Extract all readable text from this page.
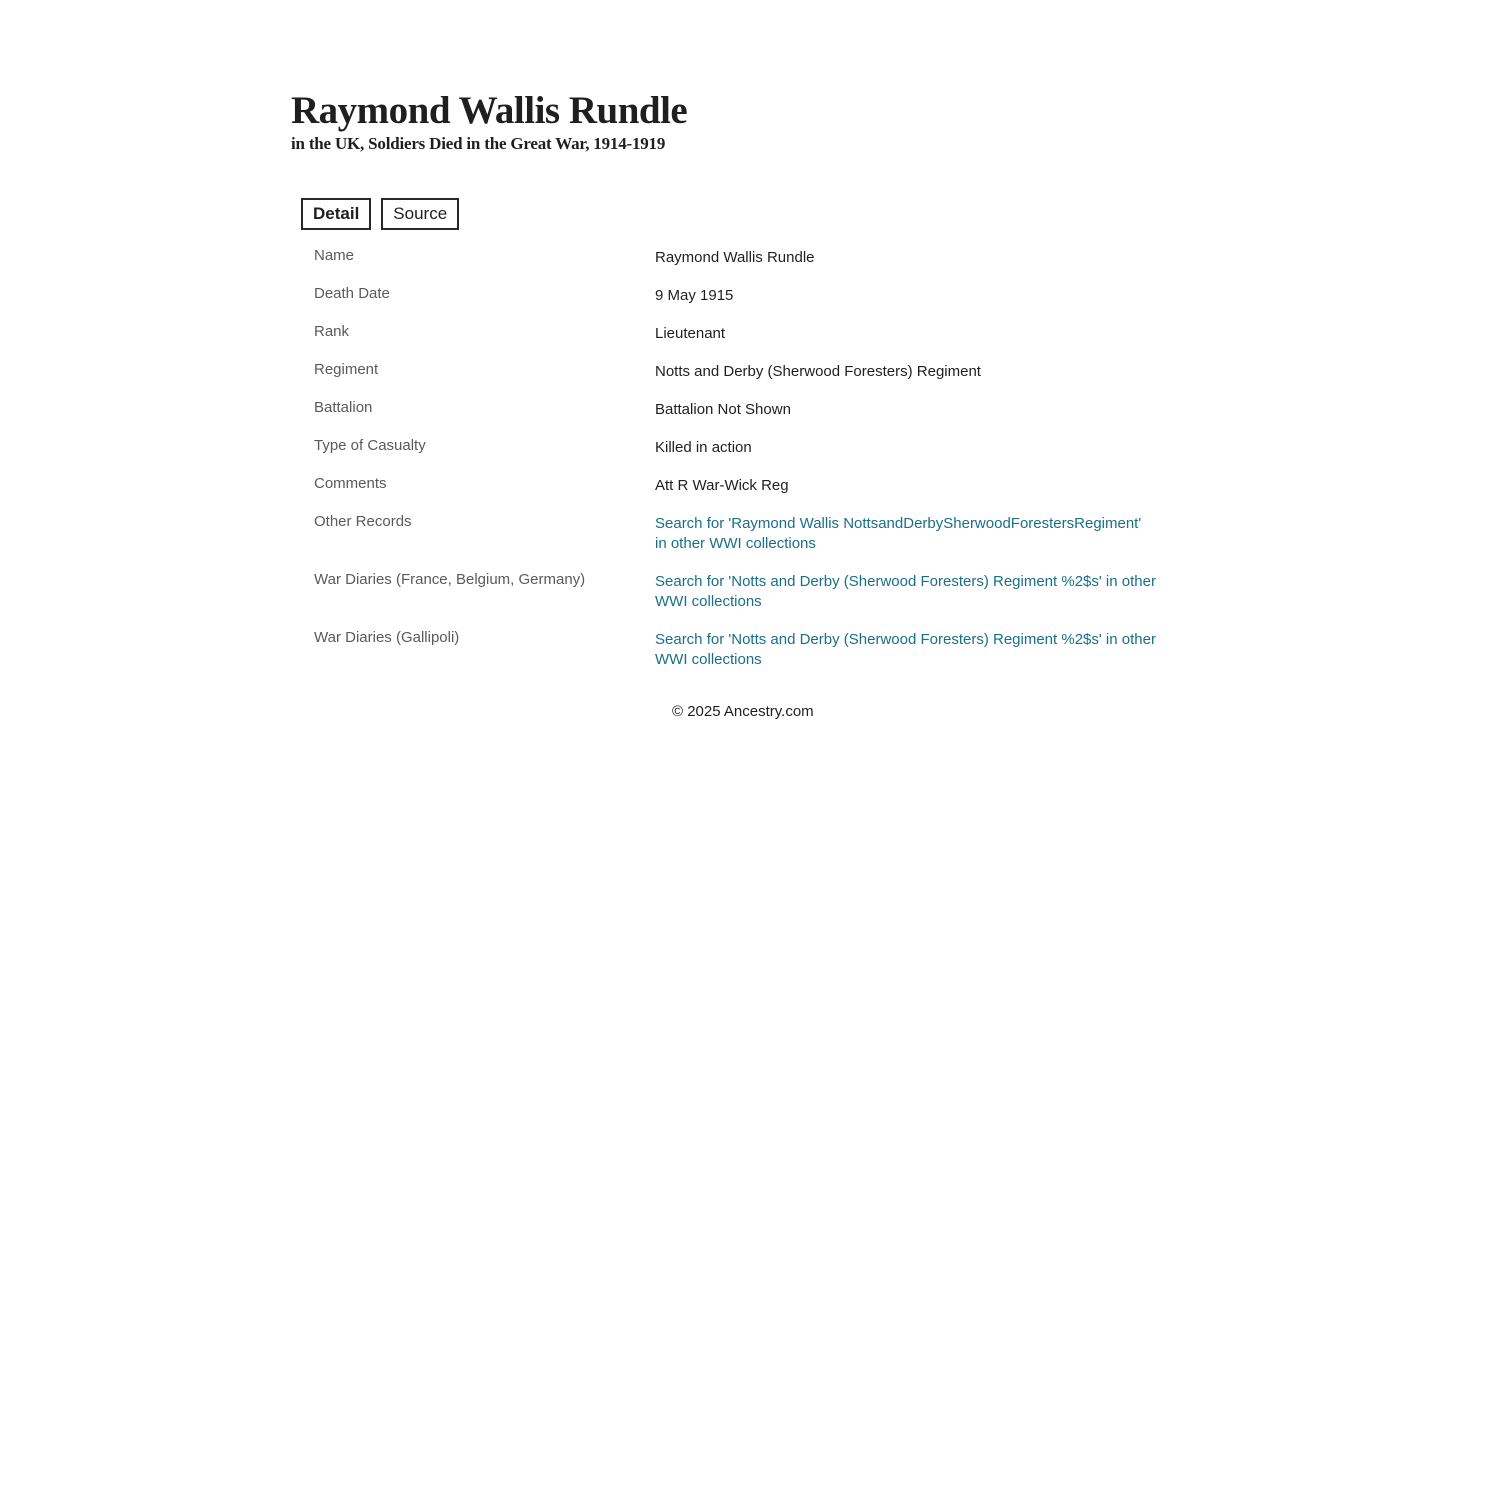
Raymond Wallis Rundle
in the UK, Soldiers Died in the Great War, 1914-1919
Detail	Source
Name	Raymond Wallis Rundle
Death Date	9 May 1915
Rank	Lieutenant
Regiment	Notts and Derby (Sherwood Foresters) Regiment
Battalion	Battalion Not Shown
Type of Casualty	Killed in action
Comments	Att R War-Wick Reg
Other Records	Search for 'Raymond Wallis NottsandDerbySherwoodForestersRegiment'
in other WWI collections
War Diaries (France, Belgium, Germany)	Search for 'Notts and Derby (Sherwood Foresters) Regiment %2$s' in other
WWI collections
War Diaries (Gallipoli)	Search for 'Notts and Derby (Sherwood Foresters) Regiment %2$s' in other
WWI collections
© 2025 Ancestry.com
